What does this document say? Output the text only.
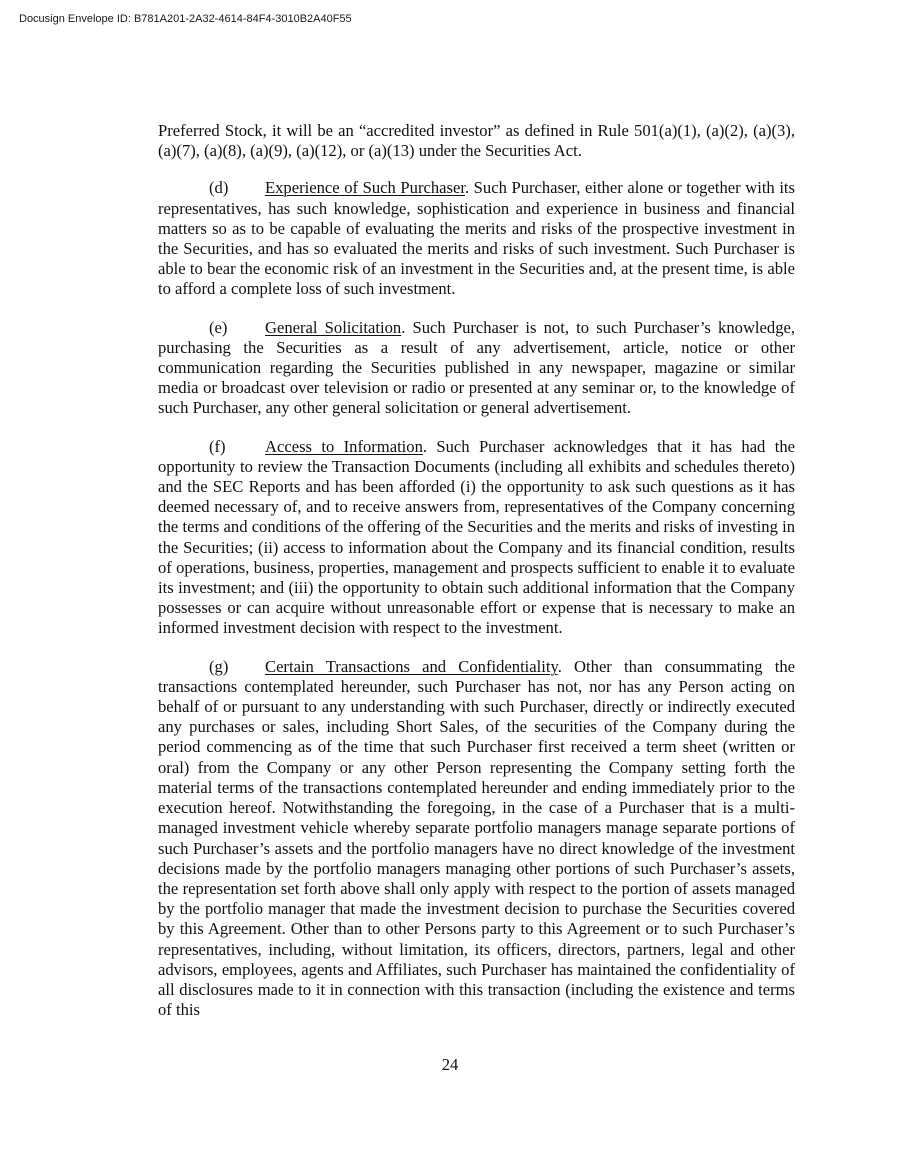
Docusign Envelope ID: B781A201-2A32-4614-84F4-3010B2A40F55

Preferred Stock, it will be an “accredited investor” as defined in Rule 501(a)(1), (a)(2), (a)(3), (a)(7), (a)(8), (a)(9), (a)(12), or (a)(13) under the Securities Act.

(d) Experience of Such Purchaser. Such Purchaser, either alone or together with its representatives, has such knowledge, sophistication and experience in business and financial matters so as to be capable of evaluating the merits and risks of the prospective investment in the Securities, and has so evaluated the merits and risks of such investment. Such Purchaser is able to bear the economic risk of an investment in the Securities and, at the present time, is able to afford a complete loss of such investment.

(e) General Solicitation. Such Purchaser is not, to such Purchaser’s knowledge, purchasing the Securities as a result of any advertisement, article, notice or other communication regarding the Securities published in any newspaper, magazine or similar media or broadcast over television or radio or presented at any seminar or, to the knowledge of such Purchaser, any other general solicitation or general advertisement.

(f) Access to Information. Such Purchaser acknowledges that it has had the opportunity to review the Transaction Documents (including all exhibits and schedules thereto) and the SEC Reports and has been afforded (i) the opportunity to ask such questions as it has deemed necessary of, and to receive answers from, representatives of the Company concerning the terms and conditions of the offering of the Securities and the merits and risks of investing in the Securities; (ii) access to information about the Company and its financial condition, results of operations, business, properties, management and prospects sufficient to enable it to evaluate its investment; and (iii) the opportunity to obtain such additional information that the Company possesses or can acquire without unreasonable effort or expense that is necessary to make an informed investment decision with respect to the investment.

(g) Certain Transactions and Confidentiality. Other than consummating the transactions contemplated hereunder, such Purchaser has not, nor has any Person acting on behalf of or pursuant to any understanding with such Purchaser, directly or indirectly executed any purchases or sales, including Short Sales, of the securities of the Company during the period commencing as of the time that such Purchaser first received a term sheet (written or oral) from the Company or any other Person representing the Company setting forth the material terms of the transactions contemplated hereunder and ending immediately prior to the execution hereof. Notwithstanding the foregoing, in the case of a Purchaser that is a multi-managed investment vehicle whereby separate portfolio managers manage separate portions of such Purchaser’s assets and the portfolio managers have no direct knowledge of the investment decisions made by the portfolio managers managing other portions of such Purchaser’s assets, the representation set forth above shall only apply with respect to the portion of assets managed by the portfolio manager that made the investment decision to purchase the Securities covered by this Agreement. Other than to other Persons party to this Agreement or to such Purchaser’s representatives, including, without limitation, its officers, directors, partners, legal and other advisors, employees, agents and Affiliates, such Purchaser has maintained the confidentiality of all disclosures made to it in connection with this transaction (including the existence and terms of this

24
